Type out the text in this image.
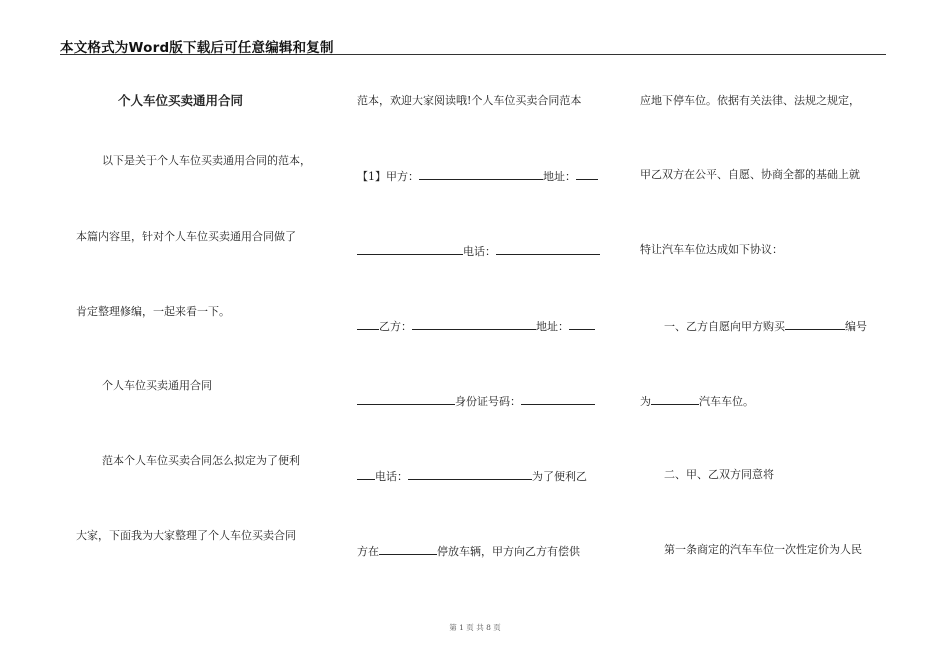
本文格式为Word版下载后可任意编辑和复制
个人车位买卖通用合同
以下是关于个人车位买卖通用合同的范本，
本篇内容里，针对个人车位买卖通用合同做了
肯定整理修编，一起来看一下。
个人车位买卖通用合同
范本个人车位买卖合同怎么拟定为了便利
大家，下面我为大家整理了个人车位买卖合同
范本，欢迎大家阅读哦!个人车位买卖合同范本
【1】甲方：	地址：
电话：
乙方：	地址：
身份证号码：
电话：	为了便利乙
方在	停放车辆，甲方向乙方有偿供
应地下停车位。依据有关法律、法规之规定，
甲乙双方在公平、自愿、协商全都的基础上就
特让汽车车位达成如下协议：
一、乙方自愿向甲方购买	编号
为	汽车车位。
二、甲、乙双方同意将
第一条商定的汽车车位一次性定价为人民
第 1 页 共 8 页
